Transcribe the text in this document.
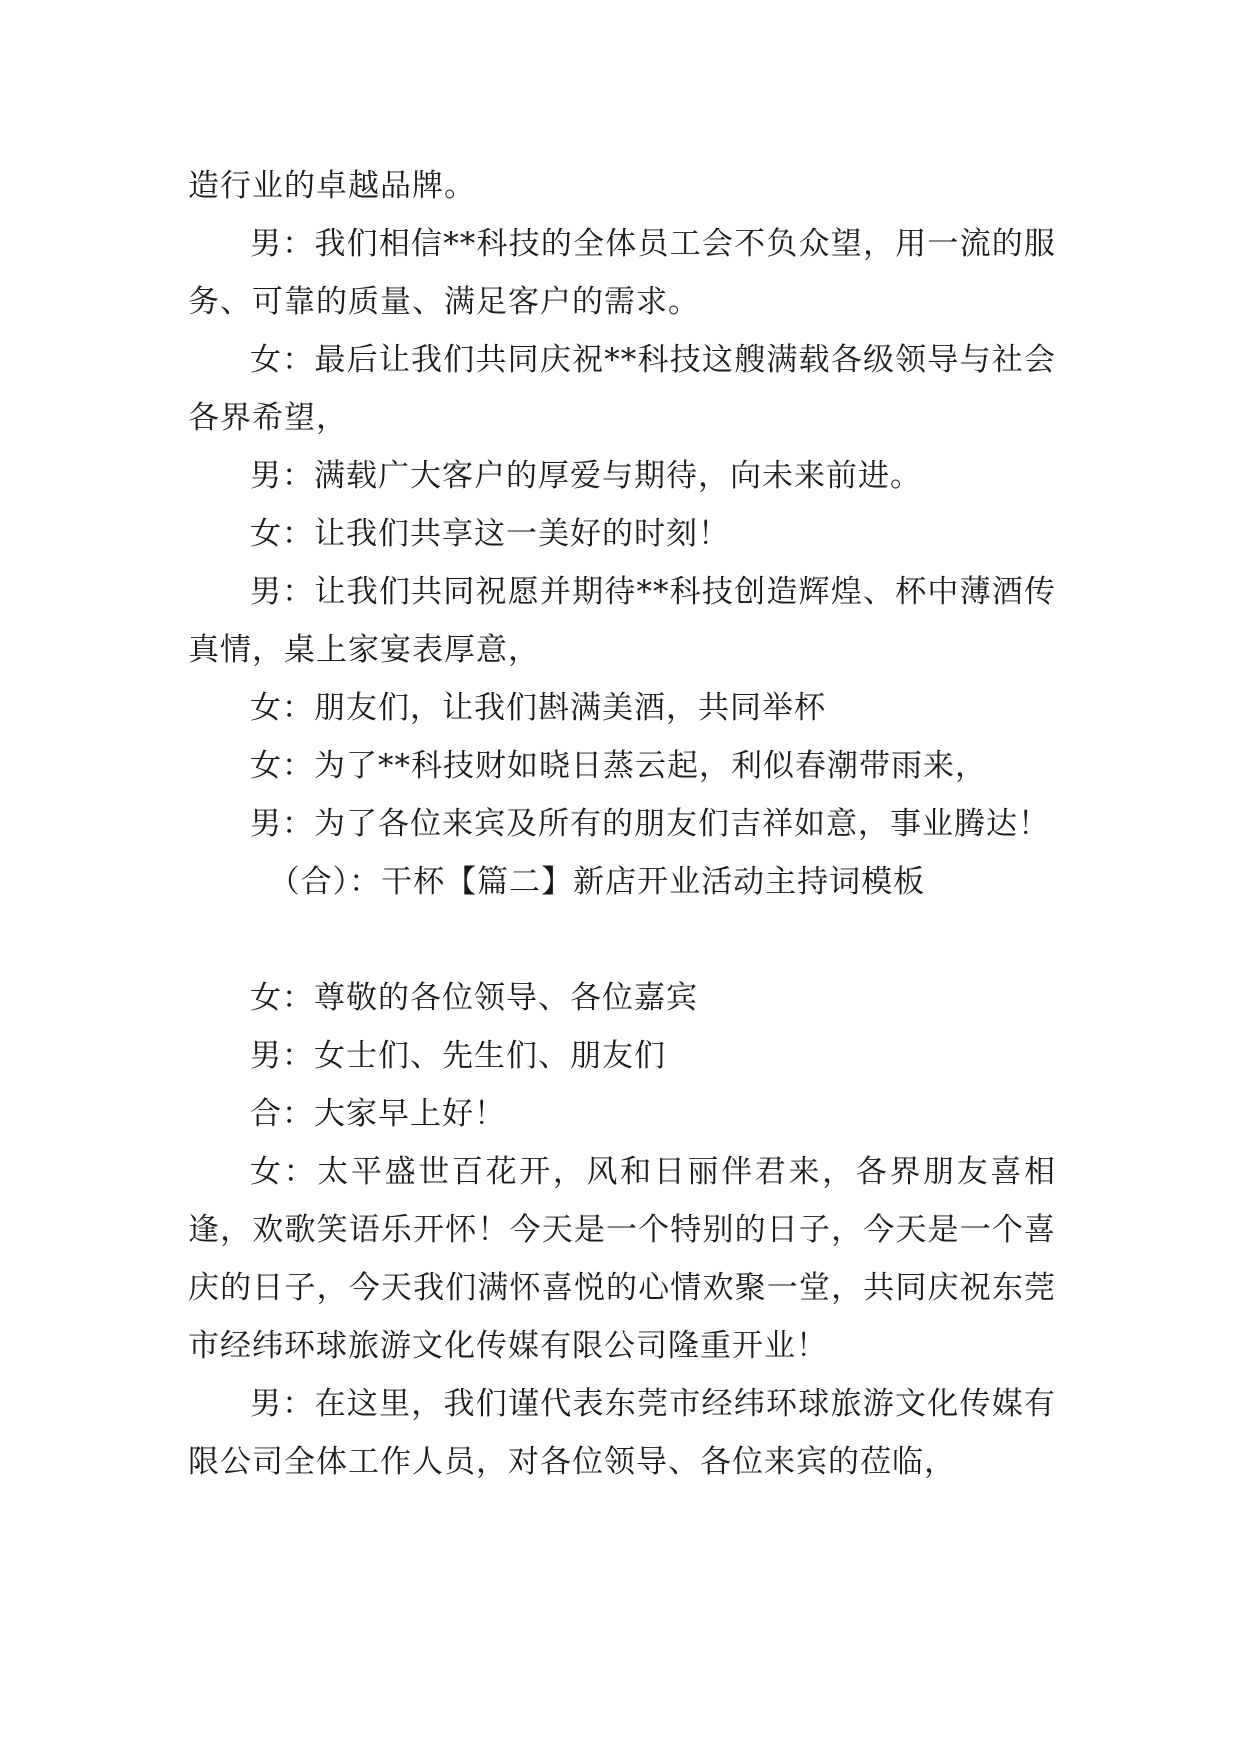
造行业的卓越品牌。

男：我们相信**科技的全体员工会不负众望，用一流的服务、可靠的质量、满足客户的需求。

女：最后让我们共同庆祝**科技这艘满载各级领导与社会各界希望，

男：满载广大客户的厚爱与期待，向未来前进。

女：让我们共享这一美好的时刻！

男：让我们共同祝愿并期待**科技创造辉煌、杯中薄酒传真情，桌上家宴表厚意，

女：朋友们，让我们斟满美酒，共同举杯

女：为了**科技财如晓日蒸云起，利似春潮带雨来，

男：为了各位来宾及所有的朋友们吉祥如意，事业腾达！

（合）：干杯【篇二】新店开业活动主持词模板

女：尊敬的各位领导、各位嘉宾

男：女士们、先生们、朋友们

合：大家早上好！

女：太平盛世百花开，风和日丽伴君来，各界朋友喜相逢，欢歌笑语乐开怀！今天是一个特别的日子，今天是一个喜庆的日子，今天我们满怀喜悦的心情欢聚一堂，共同庆祝东莞市经纬环球旅游文化传媒有限公司隆重开业！

男：在这里，我们谨代表东莞市经纬环球旅游文化传媒有限公司全体工作人员，对各位领导、各位来宾的莅临，
